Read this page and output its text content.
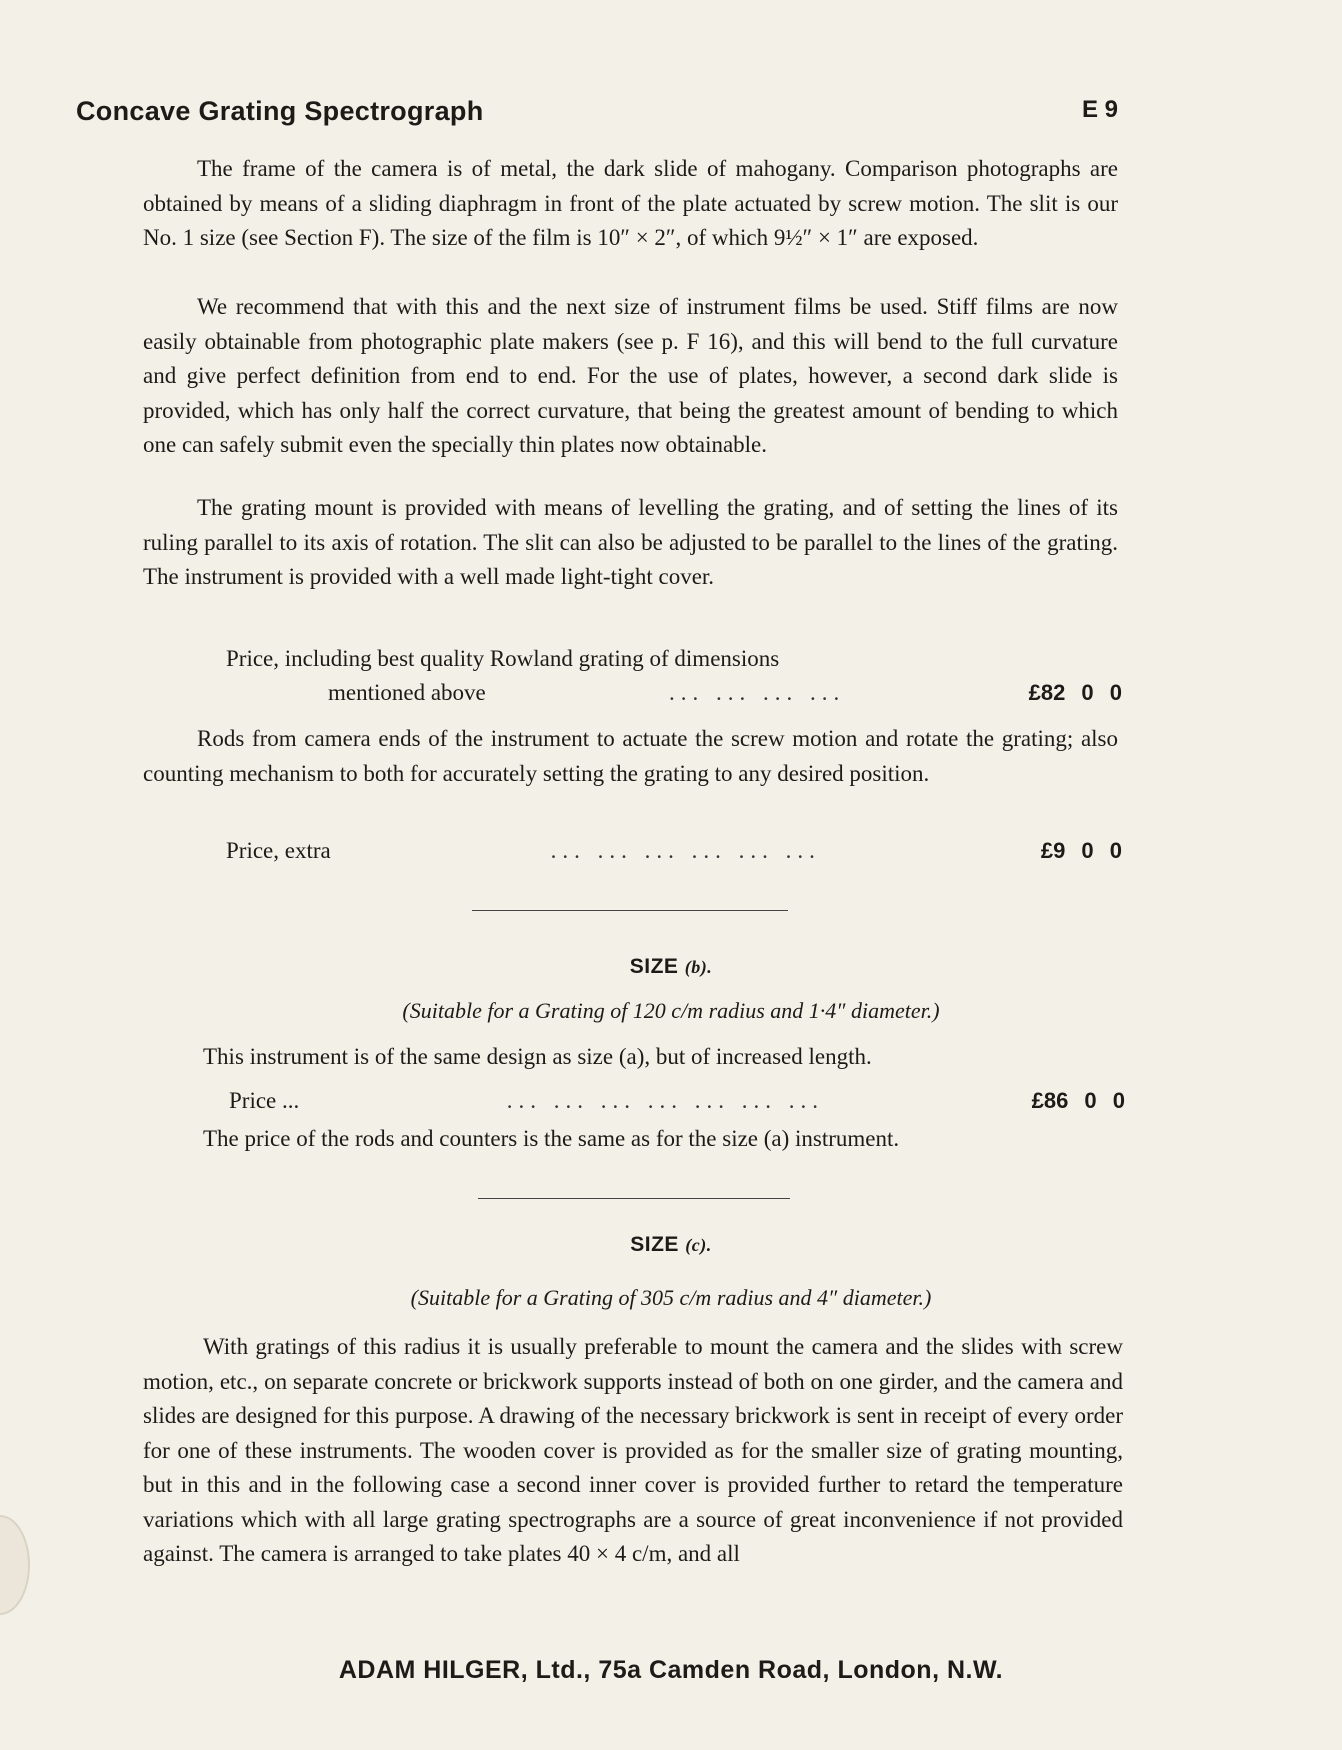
Concave Grating Spectrograph	E 9

The frame of the camera is of metal, the dark slide of mahogany. Comparison photographs are obtained by means of a sliding diaphragm in front of the plate actuated by screw motion. The slit is our No. 1 size (see Section F). The size of the film is 10″ × 2″, of which 9½″ × 1″ are exposed.

We recommend that with this and the next size of instrument films be used. Stiff films are now easily obtainable from photographic plate makers (see p. F 16), and this will bend to the full curvature and give perfect definition from end to end. For the use of plates, however, a second dark slide is provided, which has only half the correct curvature, that being the greatest amount of bending to which one can safely submit even the specially thin plates now obtainable.

The grating mount is provided with means of levelling the grating, and of setting the lines of its ruling parallel to its axis of rotation. The slit can also be adjusted to be parallel to the lines of the grating. The instrument is provided with a well made light-tight cover.

Price, including best quality Rowland grating of dimensions
mentioned above	... ... ... ...	£82 0 0

Rods from camera ends of the instrument to actuate the screw motion and rotate the grating; also counting mechanism to both for accurately setting the grating to any desired position.

Price, extra	... ... ... ... ... ...	£9 0 0
SIZE (b).
(Suitable for a Grating of 120 c/m radius and 1·4″ diameter.)

This instrument is of the same design as size (a), but of increased length.

Price ...	... ... ... ... ... ... ...	£86 0 0

The price of the rods and counters is the same as for the size (a) instrument.

SIZE (c).
(Suitable for a Grating of 305 c/m radius and 4″ diameter.)

With gratings of this radius it is usually preferable to mount the camera and the slides with screw motion, etc., on separate concrete or brickwork supports instead of both on one girder, and the camera and slides are designed for this purpose. A drawing of the necessary brickwork is sent in receipt of every order for one of these instruments. The wooden cover is provided as for the smaller size of grating mounting, but in this and in the following case a second inner cover is provided further to retard the temperature variations which with all large grating spectrographs are a source of great inconvenience if not provided against. The camera is arranged to take plates 40 × 4 c/m, and all

ADAM HILGER, Ltd., 75a Camden Road, London, N.W.
